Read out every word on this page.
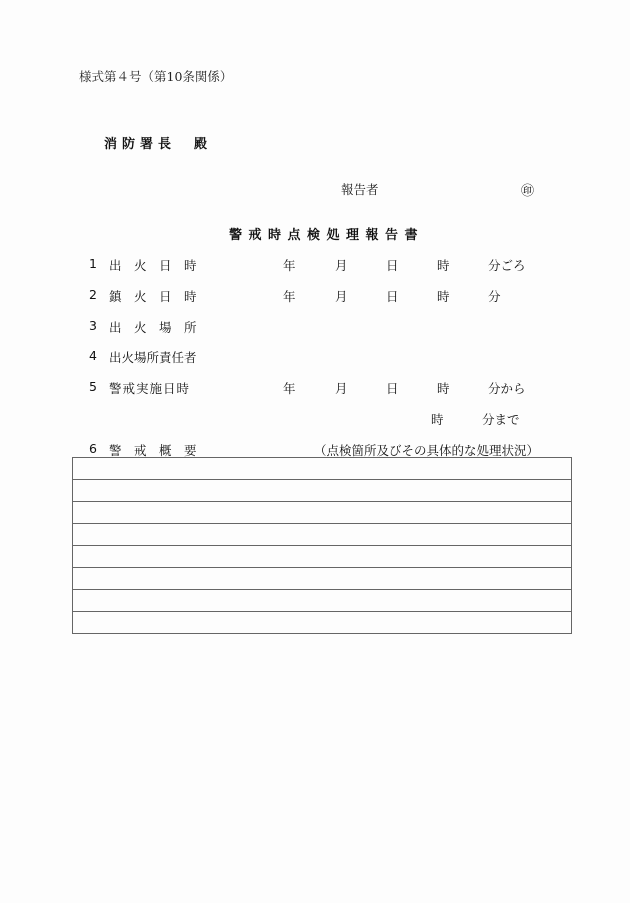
様式第４号（第10条関係）
消防署長　殿
報告者	㊞
警戒時点検処理報告書
1 出　火　日　時	年	月	日	時	分ごろ
2 鎮　火　日　時	年	月	日	時	分
3 出　火　場　所
4 出火場所責任者
5 警戒実施日時	年	月	日	時	分から
時	分まで
6 警　戒　概　要	（点検箇所及びその具体的な処理状況）
